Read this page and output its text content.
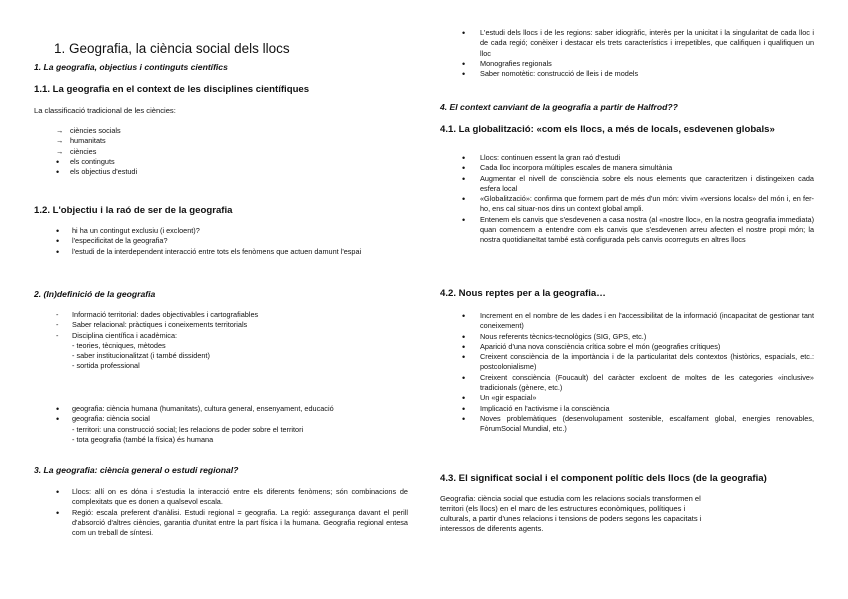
1. Geografia, la ciència social dels llocs
1. La geografia, objectius i continguts científics
1.1. La geografia en el context de les disciplines científiques
La classificació tradicional de les ciències:
→ ciències socials
→ humanitats
→ ciències
• els continguts
• els objectius d'estudi
1.2. L'objectiu i la raó de ser de la geografia
• hi ha un contingut exclusiu (i excloent)?
• l'especificitat de la geografia?
• l'estudi de la interdependent interacció entre tots els fenòmens que actuen damunt l'espai
2. (In)definició de la geografia
- Informació territorial: dades objectivables i cartografiables
- Saber relacional: pràctiques i coneixements territorials
- Disciplina científica i acadèmica:
- teories, tècniques, mètodes
- saber institucionalitzat (i també dissident)
- sortida professional
• geografia: ciència humana (humanitats), cultura general, ensenyament, educació
• geografia: ciència social
- territori: una construcció social; les relacions de poder sobre el territori
- tota geografia (també la física) és humana
3. La geografia: ciència general o estudi regional?
• Llocs: allí on es dóna i s'estudia la interacció entre els diferents fenòmens; són combinacions de complexitats que es donen a qualsevol escala.
• Regió: escala preferent d'anàlisi. Estudi regional = geografia. La regió: assegurança davant el perill d'absorció d'altres ciències, garantia d'unitat entre la part física i la humana. Geografia regional entesa com un treball de síntesi.
• L'estudi dels llocs i de les regions: saber idiogràfic, interès per la unicitat i la singularitat de cada lloc i de cada regió; conèixer i destacar els trets característics i irrepetibles, que califiquen i qualifiquen un lloc
• Monografies regionals
• Saber nomotètic: construcció de lleis i de models
4. El context canviant de la geografia a partir de Halfrod??
4.1. La globalització: «com els llocs, a més de locals, esdevenen globals»
• Llocs: continuen essent la gran raó d'estudi
• Cada lloc incorpora múltiples escales de manera simultània
• Augmentar el nivell de consciència sobre els nous elements que caracteritzen i distingeixen cada esfera local
• «Globalització»: confirma que formem part de més d'un món: vivim «versions locals» del món i, en fer-ho, ens cal situar-nos dins un context global ampli.
• Entenem els canvis que s'esdevenen a casa nostra (al «nostre lloc», en la nostra geografia immediata) quan comencem a entendre com els canvis que s'esdevenen arreu afecten el nostre propi món; la nostra quotidianeïtat també està configurada pels canvis ocorreguts en altres llocs
4.2. Nous reptes per a la geografia…
• Increment en el nombre de les dades i en l'accessibilitat de la informació (incapacitat de gestionar tant coneixement)
• Nous referents tècnics-tecnològics (SIG, GPS, etc.)
• Aparició d'una nova consciència crítica sobre el món (geografies crítiques)
• Creixent consciència de la importància i de la particularitat dels contextos (històrics, espacials, etc.: postcolonialisme)
• Creixent consciència (Foucault) del caràcter excloent de moltes de les categories «inclusive» tradicionals (gènere, etc.)
• Un «gir espacial»
• Implicació en l'activisme i la consciència
• Noves problemàtiques (desenvolupament sostenible, escalfament global, energies renovables, FòrumSocial Mundial, etc.)
4.3. El significat social i el component polític dels llocs (de la geografia)
Geografia: ciència social que estudia com les relacions socials transformen el
territori (els llocs) en el marc de les estructures econòmiques, polítiques i
culturals, a partir d'unes relacions i tensions de poders segons les capacitats i
interessos de diferents agents.
